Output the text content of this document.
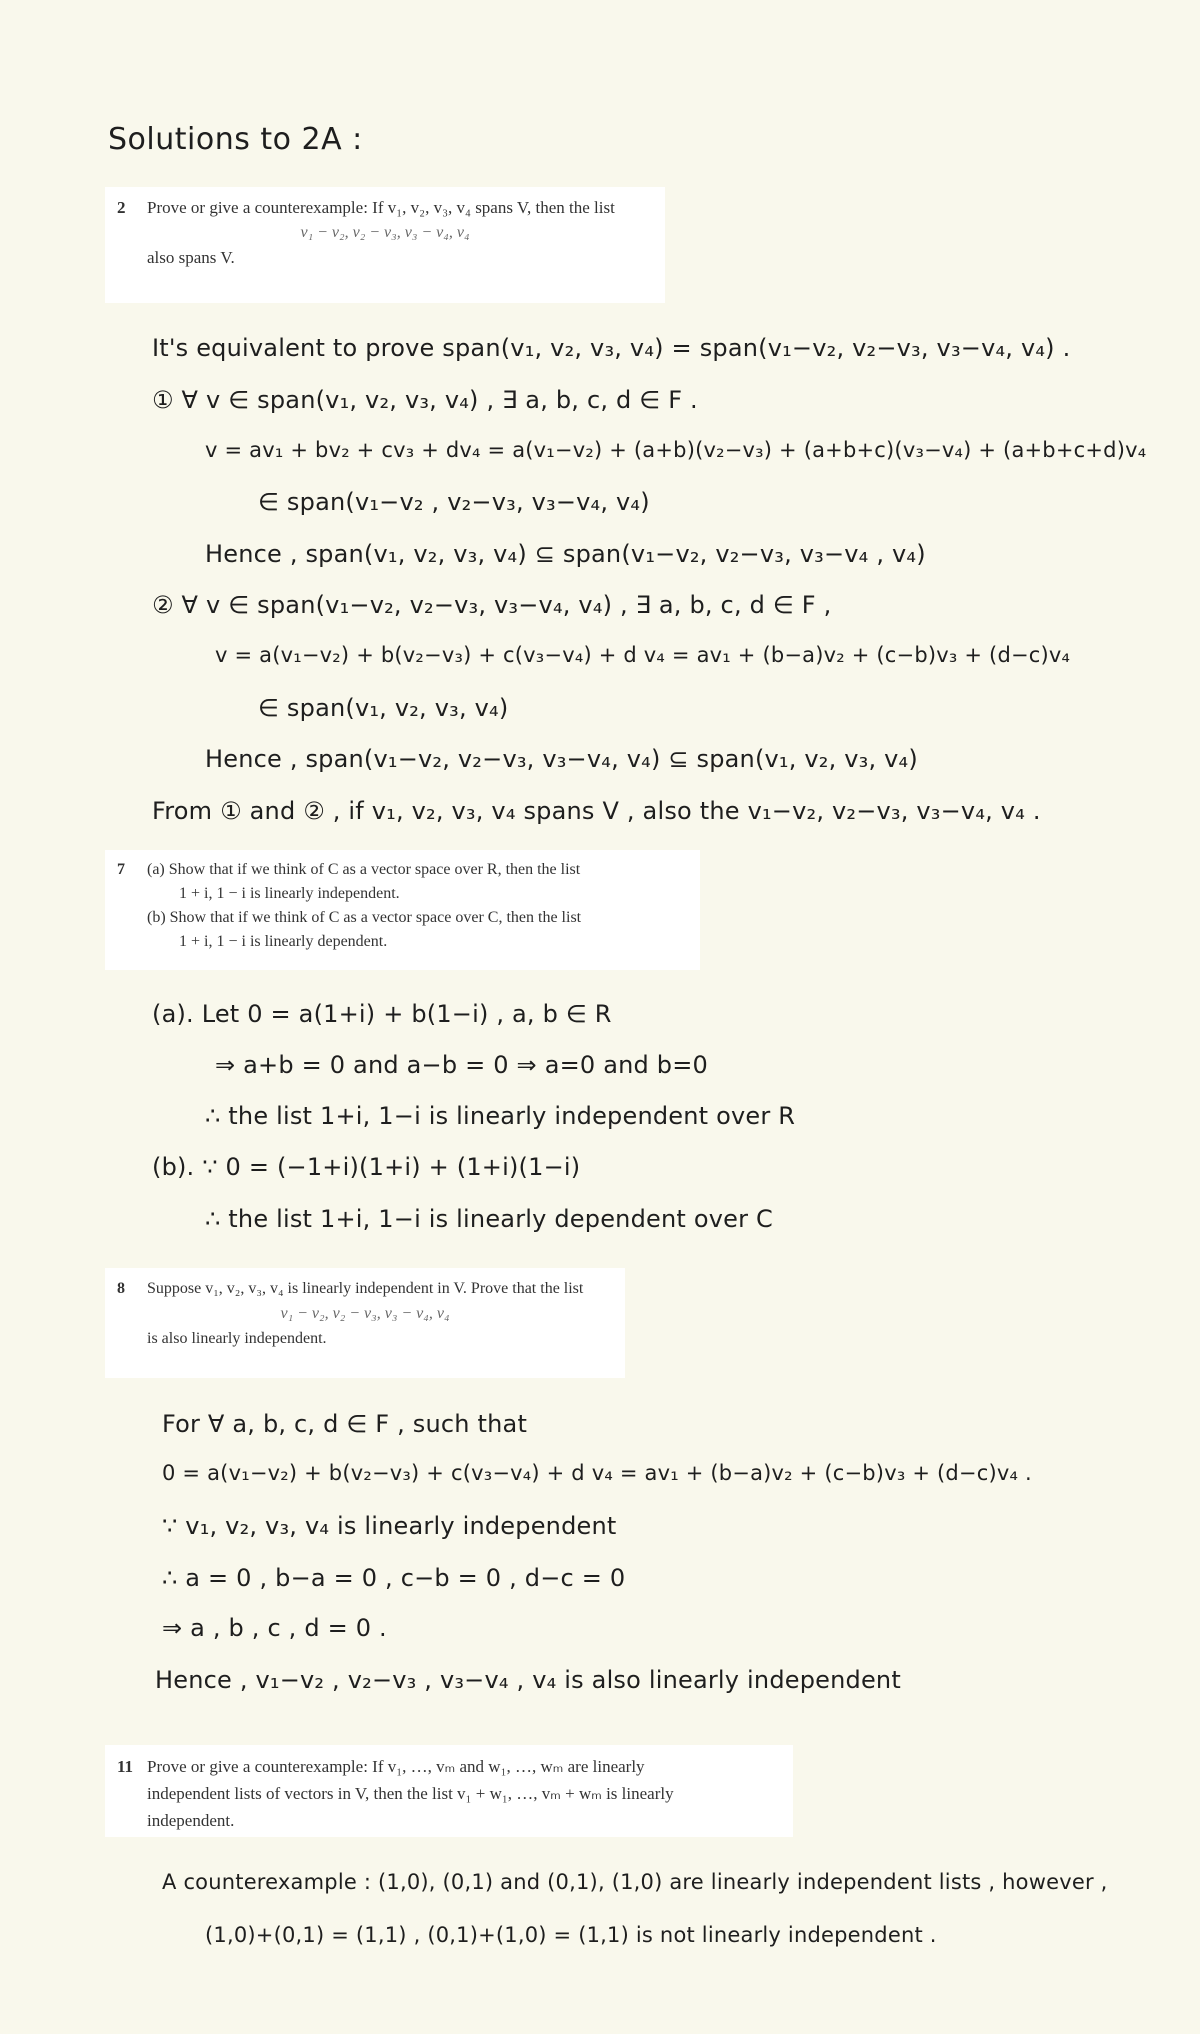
Solutions to 2A :
2 Prove or give a counterexample: If v₁, v₂, v₃, v₄ spans V, then the list
v₁ − v₂, v₂ − v₃, v₃ − v₄, v₄
also spans V.
It's equivalent to prove span(v₁, v₂, v₃, v₄) = span(v₁−v₂, v₂−v₃, v₃−v₄, v₄) .
① ∀ v ∈ span(v₁, v₂, v₃, v₄) , ∃ a, b, c, d ∈ F .
v = av₁ + bv₂ + cv₃ + dv₄ = a(v₁−v₂) + (a+b)(v₂−v₃) + (a+b+c)(v₃−v₄) + (a+b+c+d)v₄
∈ span(v₁−v₂ , v₂−v₃, v₃−v₄, v₄)
Hence , span(v₁, v₂, v₃, v₄) ⊆ span(v₁−v₂, v₂−v₃, v₃−v₄ , v₄)
② ∀ v ∈ span(v₁−v₂, v₂−v₃, v₃−v₄, v₄) , ∃ a, b, c, d ∈ F ,
v = a(v₁−v₂) + b(v₂−v₃) + c(v₃−v₄) + d v₄ = av₁ + (b−a)v₂ + (c−b)v₃ + (d−c)v₄
∈ span(v₁, v₂, v₃, v₄)
Hence , span(v₁−v₂, v₂−v₃, v₃−v₄, v₄) ⊆ span(v₁, v₂, v₃, v₄)
From ① and ② , if v₁, v₂, v₃, v₄ spans V , also the v₁−v₂, v₂−v₃, v₃−v₄, v₄ .
7 (a) Show that if we think of C as a vector space over R, then the list
1 + i, 1 − i is linearly independent.
(b) Show that if we think of C as a vector space over C, then the list
1 + i, 1 − i is linearly dependent.
(a). Let 0 = a(1+i) + b(1−i) , a, b ∈ R
⇒ a+b = 0 and a−b = 0 ⇒ a=0 and b=0
∴ the list 1+i, 1−i is linearly independent over R
(b). ∵ 0 = (−1+i)(1+i) + (1+i)(1−i)
∴ the list 1+i, 1−i is linearly dependent over C
8 Suppose v₁, v₂, v₃, v₄ is linearly independent in V. Prove that the list
v₁ − v₂, v₂ − v₃, v₃ − v₄, v₄
is also linearly independent.
For ∀ a, b, c, d ∈ F , such that
0 = a(v₁−v₂) + b(v₂−v₃) + c(v₃−v₄) + d v₄ = av₁ + (b−a)v₂ + (c−b)v₃ + (d−c)v₄ .
∵ v₁, v₂, v₃, v₄ is linearly independent
∴ a = 0 , b−a = 0 , c−b = 0 , d−c = 0
⇒ a , b , c , d = 0 .
Hence , v₁−v₂ , v₂−v₃ , v₃−v₄ , v₄ is also linearly independent
11 Prove or give a counterexample: If v₁, …, vₘ and w₁, …, wₘ are linearly
independent lists of vectors in V, then the list v₁ + w₁, …, vₘ + wₘ is linearly
independent.
A counterexample : (1,0), (0,1) and (0,1), (1,0) are linearly independent lists , however ,
(1,0)+(0,1) = (1,1) , (0,1)+(1,0) = (1,1) is not linearly independent .
